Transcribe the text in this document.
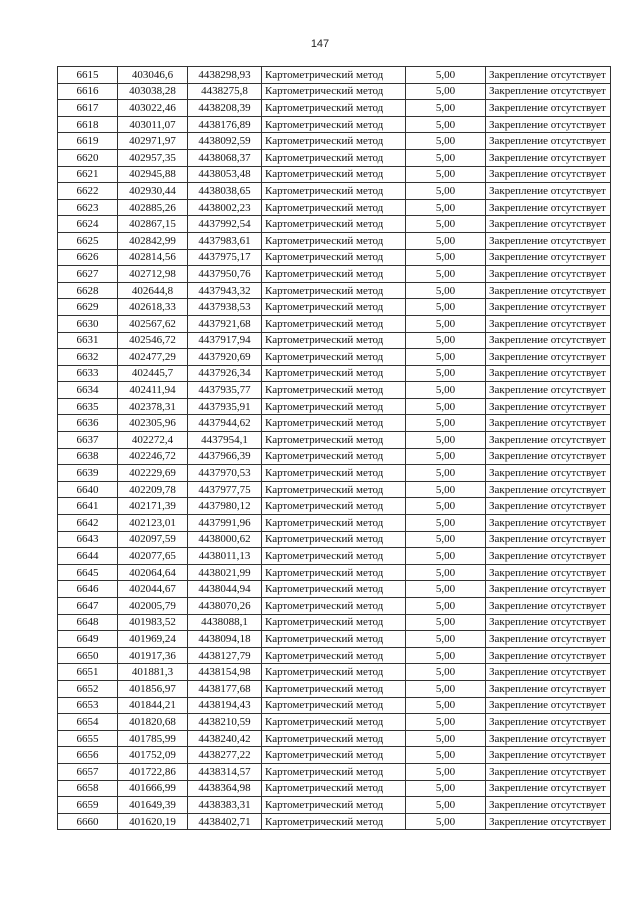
147
6615	403046,6	4438298,93	Картометрический метод	5,00	Закрепление отсутствует
6616	403038,28	4438275,8	Картометрический метод	5,00	Закрепление отсутствует
6617	403022,46	4438208,39	Картометрический метод	5,00	Закрепление отсутствует
6618	403011,07	4438176,89	Картометрический метод	5,00	Закрепление отсутствует
6619	402971,97	4438092,59	Картометрический метод	5,00	Закрепление отсутствует
6620	402957,35	4438068,37	Картометрический метод	5,00	Закрепление отсутствует
6621	402945,88	4438053,48	Картометрический метод	5,00	Закрепление отсутствует
6622	402930,44	4438038,65	Картометрический метод	5,00	Закрепление отсутствует
6623	402885,26	4438002,23	Картометрический метод	5,00	Закрепление отсутствует
6624	402867,15	4437992,54	Картометрический метод	5,00	Закрепление отсутствует
6625	402842,99	4437983,61	Картометрический метод	5,00	Закрепление отсутствует
6626	402814,56	4437975,17	Картометрический метод	5,00	Закрепление отсутствует
6627	402712,98	4437950,76	Картометрический метод	5,00	Закрепление отсутствует
6628	402644,8	4437943,32	Картометрический метод	5,00	Закрепление отсутствует
6629	402618,33	4437938,53	Картометрический метод	5,00	Закрепление отсутствует
6630	402567,62	4437921,68	Картометрический метод	5,00	Закрепление отсутствует
6631	402546,72	4437917,94	Картометрический метод	5,00	Закрепление отсутствует
6632	402477,29	4437920,69	Картометрический метод	5,00	Закрепление отсутствует
6633	402445,7	4437926,34	Картометрический метод	5,00	Закрепление отсутствует
6634	402411,94	4437935,77	Картометрический метод	5,00	Закрепление отсутствует
6635	402378,31	4437935,91	Картометрический метод	5,00	Закрепление отсутствует
6636	402305,96	4437944,62	Картометрический метод	5,00	Закрепление отсутствует
6637	402272,4	4437954,1	Картометрический метод	5,00	Закрепление отсутствует
6638	402246,72	4437966,39	Картометрический метод	5,00	Закрепление отсутствует
6639	402229,69	4437970,53	Картометрический метод	5,00	Закрепление отсутствует
6640	402209,78	4437977,75	Картометрический метод	5,00	Закрепление отсутствует
6641	402171,39	4437980,12	Картометрический метод	5,00	Закрепление отсутствует
6642	402123,01	4437991,96	Картометрический метод	5,00	Закрепление отсутствует
6643	402097,59	4438000,62	Картометрический метод	5,00	Закрепление отсутствует
6644	402077,65	4438011,13	Картометрический метод	5,00	Закрепление отсутствует
6645	402064,64	4438021,99	Картометрический метод	5,00	Закрепление отсутствует
6646	402044,67	4438044,94	Картометрический метод	5,00	Закрепление отсутствует
6647	402005,79	4438070,26	Картометрический метод	5,00	Закрепление отсутствует
6648	401983,52	4438088,1	Картометрический метод	5,00	Закрепление отсутствует
6649	401969,24	4438094,18	Картометрический метод	5,00	Закрепление отсутствует
6650	401917,36	4438127,79	Картометрический метод	5,00	Закрепление отсутствует
6651	401881,3	4438154,98	Картометрический метод	5,00	Закрепление отсутствует
6652	401856,97	4438177,68	Картометрический метод	5,00	Закрепление отсутствует
6653	401844,21	4438194,43	Картометрический метод	5,00	Закрепление отсутствует
6654	401820,68	4438210,59	Картометрический метод	5,00	Закрепление отсутствует
6655	401785,99	4438240,42	Картометрический метод	5,00	Закрепление отсутствует
6656	401752,09	4438277,22	Картометрический метод	5,00	Закрепление отсутствует
6657	401722,86	4438314,57	Картометрический метод	5,00	Закрепление отсутствует
6658	401666,99	4438364,98	Картометрический метод	5,00	Закрепление отсутствует
6659	401649,39	4438383,31	Картометрический метод	5,00	Закрепление отсутствует
6660	401620,19	4438402,71	Картометрический метод	5,00	Закрепление отсутствует
